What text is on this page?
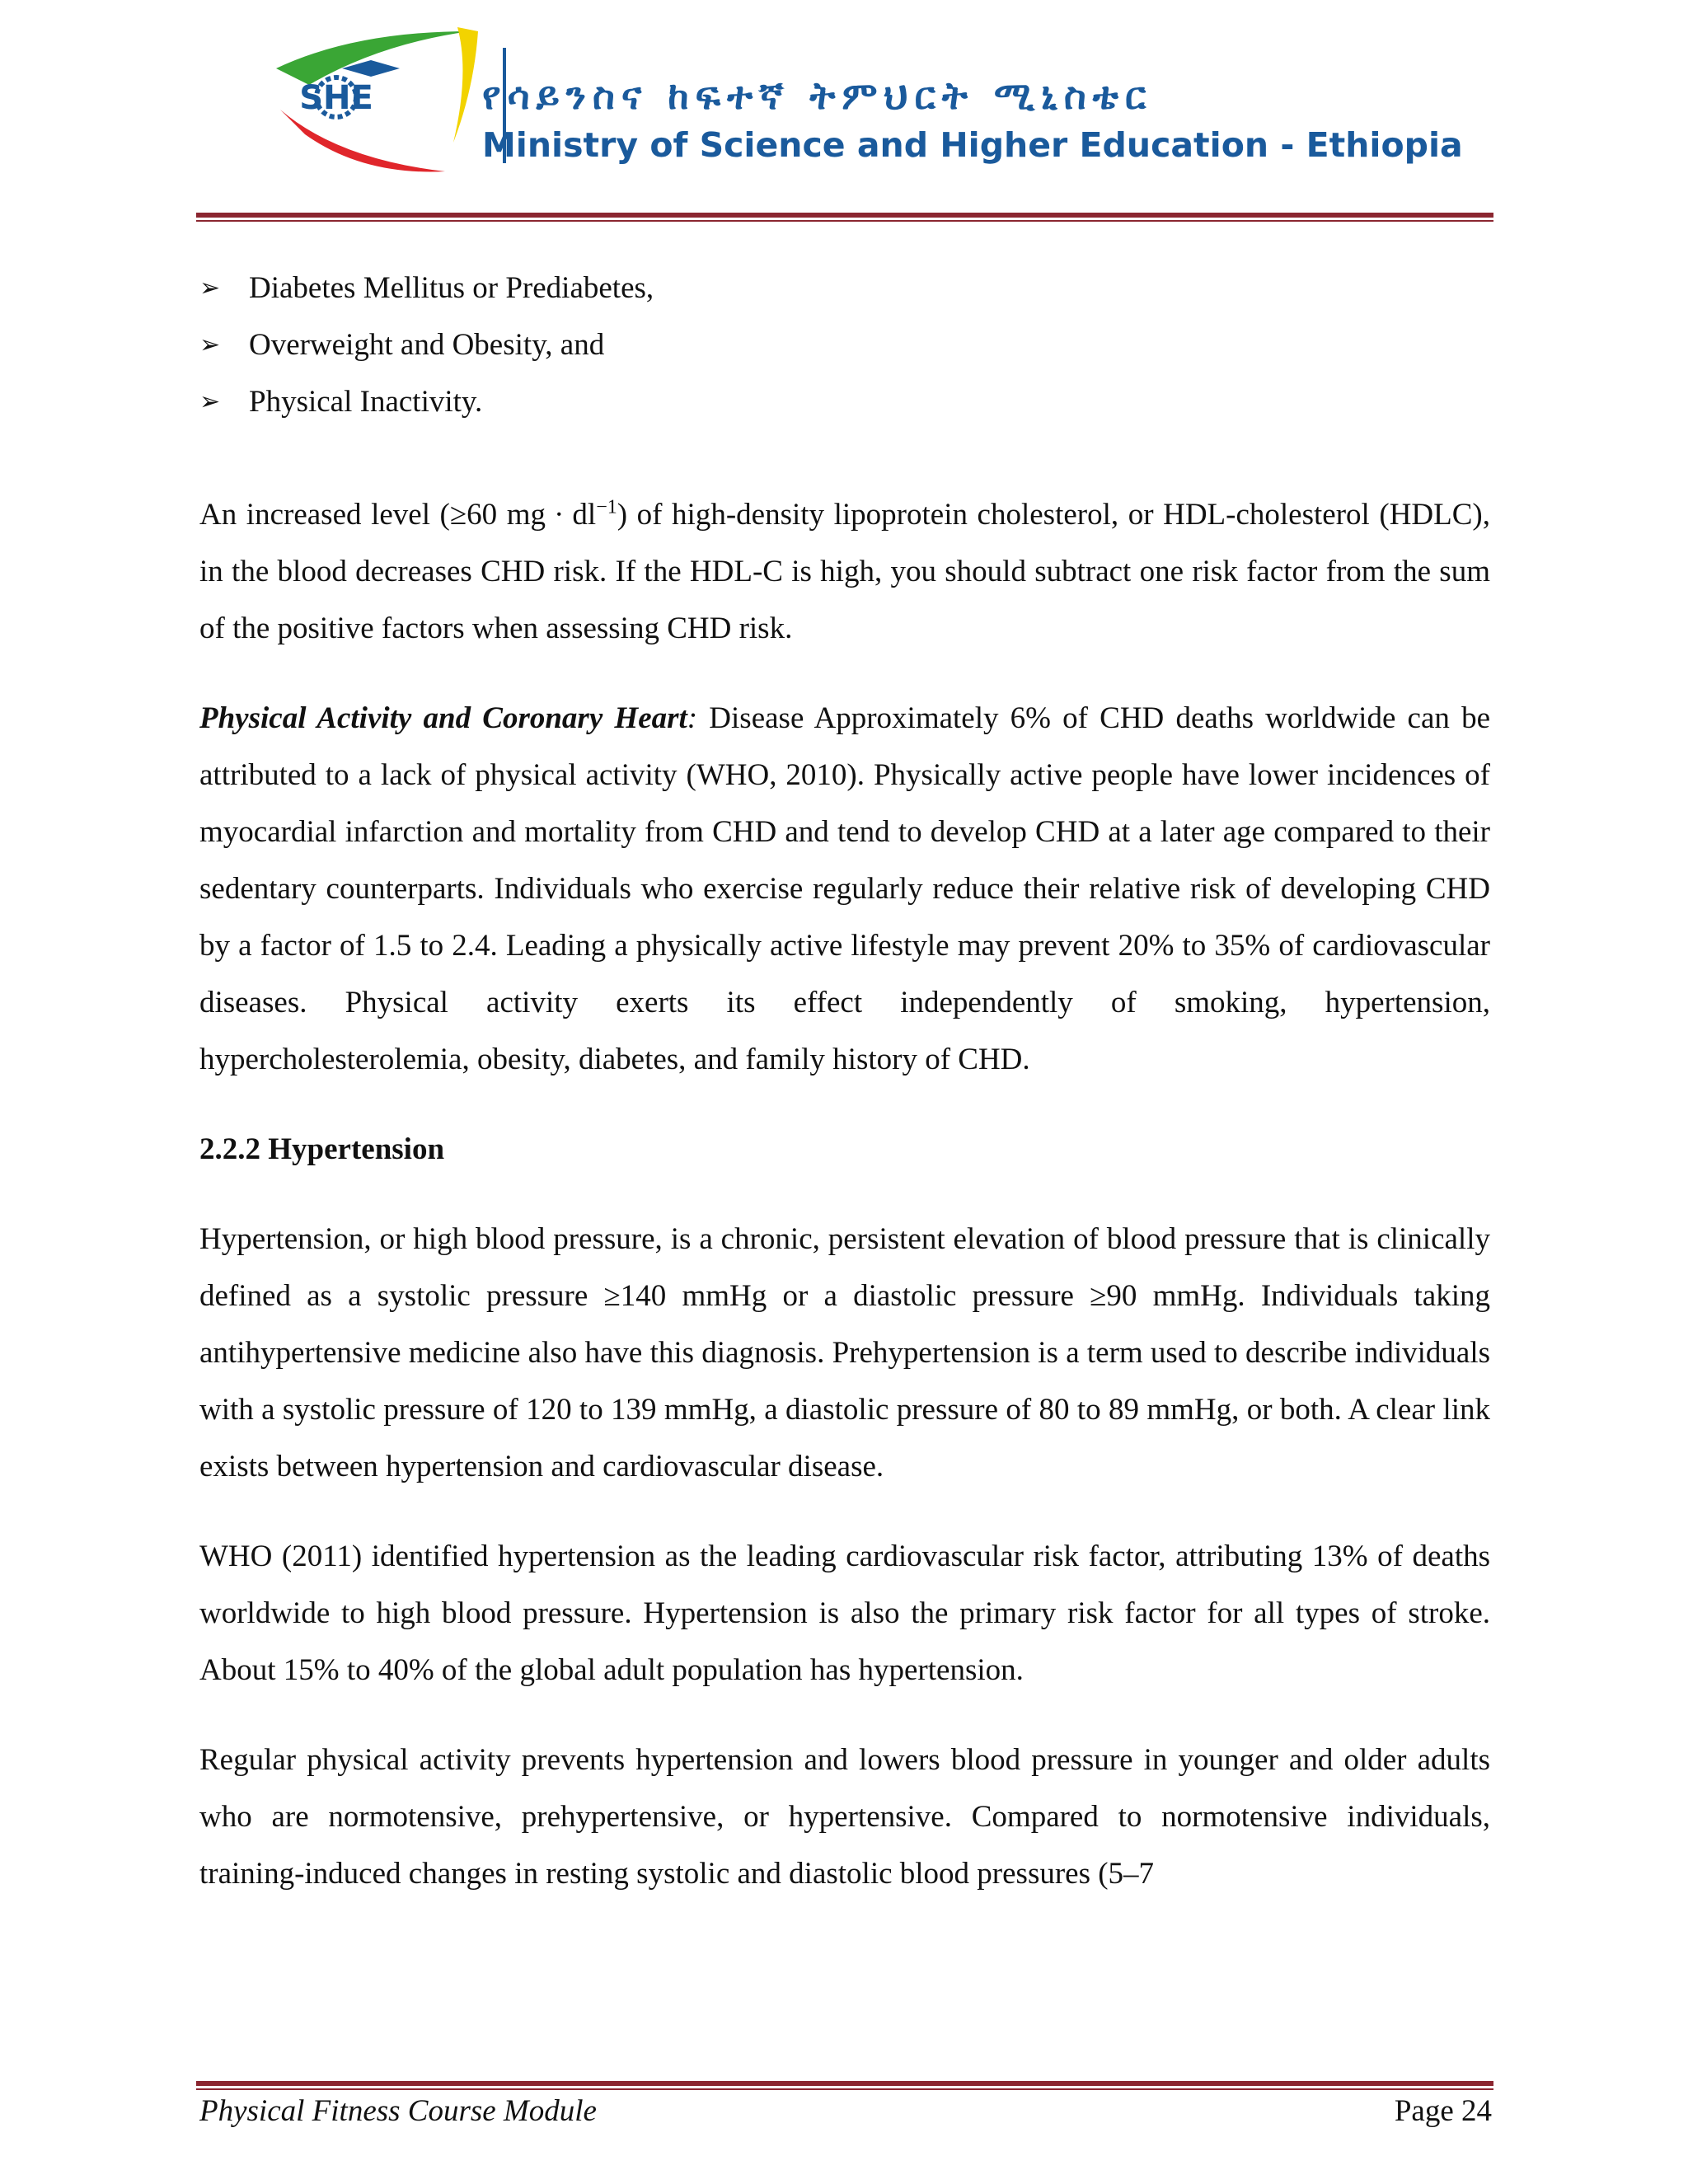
SHE	የሳይንስና ከፍተኛ ትምህርት ሚኒስቴር
Ministry of Science and Higher Education - Ethiopia
➢ Diabetes Mellitus or Prediabetes,
➢ Overweight and Obesity, and
➢ Physical Inactivity.

An increased level (≥60 mg ∙ $dl^{-1}$) of high-density lipoprotein cholesterol, or HDL-cholesterol (HDLC), in the blood decreases CHD risk. If the HDL-C is high, you should subtract one risk factor from the sum of the positive factors when assessing CHD risk.

Physical Activity and Coronary Heart: Disease Approximately 6% of CHD deaths worldwide can be attributed to a lack of physical activity (WHO, 2010). Physically active people have lower incidences of myocardial infarction and mortality from CHD and tend to develop CHD at a later age compared to their sedentary counterparts. Individuals who exercise regularly reduce their relative risk of developing CHD by a factor of 1.5 to 2.4. Leading a physically active lifestyle may prevent 20% to 35% of cardiovascular diseases. Physical activity exerts its effect independently of smoking, hypertension, hypercholesterolemia, obesity, diabetes, and family history of CHD.

2.2.2 Hypertension

Hypertension, or high blood pressure, is a chronic, persistent elevation of blood pressure that is clinically defined as a systolic pressure ≥140 mmHg or a diastolic pressure ≥90 mmHg. Individuals taking antihypertensive medicine also have this diagnosis. Prehypertension is a term used to describe individuals with a systolic pressure of 120 to 139 mmHg, a diastolic pressure of 80 to 89 mmHg, or both. A clear link exists between hypertension and cardiovascular disease.

WHO (2011) identified hypertension as the leading cardiovascular risk factor, attributing 13% of deaths worldwide to high blood pressure. Hypertension is also the primary risk factor for all types of stroke. About 15% to 40% of the global adult population has hypertension.

Regular physical activity prevents hypertension and lowers blood pressure in younger and older adults who are normotensive, prehypertensive, or hypertensive. Compared to normotensive individuals, training-induced changes in resting systolic and diastolic blood pressures (5–7

Physical Fitness Course Module	Page 24
